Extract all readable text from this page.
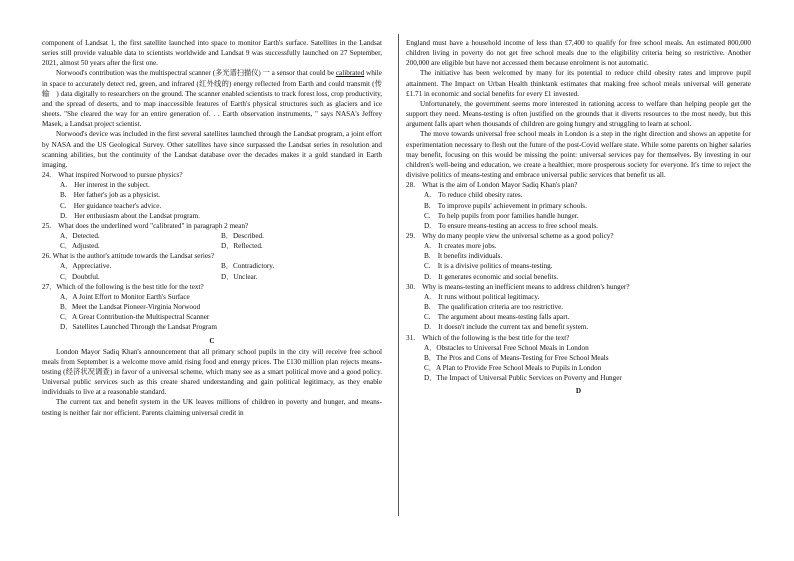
component of Landsat 1, the first satellite launched into space to monitor Earth's surface. Satellites in the Landsat series still provide valuable data to scientists worldwide and Landsat 9 was successfully launched on 27 September, 2021, almost 50 years after the first one.

Norwood's contribution was the multispectral scanner (多光谱扫描仪) 一 a sensor that could be calibrated while in space to accurately detect red, green, and infrared (红外线的) energy reflected from Earth and could transmit (传　输　) data digitally to researchers on the ground. The scanner enabled scientists to track forest loss, crop productivity, and the spread of deserts, and to map inaccessible features of Earth's physical structures such as glaciers and ice sheets. "She cleared the way for an entire generation of. . . Earth observation instruments, " says NASA's Jeffrey Masek, a Landsat project scientist.

Norwood's device was included in the first several satellites launched through the Landsat program, a joint effort by NASA and the US Geological Survey. Other satellites have since surpassed the Landsat series in resolution and scanning abilities, but the continuity of the Landsat database over the decades makes it a gold standard in Earth imaging.

24.　What inspired Norwood to pursue physics?

A.　Her interest in the subject.

B.　Her father's job as a physicist.

C.　Her guidance teacher's advice.

D.　Her enthusiasm about the Landsat program.

25.　What does the underlined word "calibrated" in paragraph 2 mean?

A．Detected.	B．Described.
C．Adjusted.	D．Reflected.

26. What is the author's attitude towards the Landsat series?

A．Appreciative.	B．Contradictory.
C．Doubtful.	D．Unclear.

27．Which of the following is the best title for the text?

A．A Joint Effort to Monitor Earth's Surface

B．Meet the Landsat Pioneer-Virginia Norwood

C．A Great Contribution-the Multispectral Scanner

D．Satellites Launched Through the Landsat Program

C

London Mayor Sadiq Khan's announcement that all primary school pupils in the city will receive free school meals from September is a welcome move amid rising food and energy prices. The £130 million plan rejects means-testing (经济状况调查) in favor of a universal scheme, which many see as a smart political move and a good policy. Universal public services such as this create shared understanding and gain political legitimacy, as they enable individuals to live at a reasonable standard.

The current tax and benefit system in the UK leaves millions of children in poverty and hunger, and means-testing is neither fair nor efficient. Parents claiming universal credit in

England must have a household income of less than £7,400 to qualify for free school meals. An estimated 800,000 children living in poverty do not get free school meals due to the eligibility criteria being so restrictive. Another 200,000 are eligible but have not accessed them because enrolment is not automatic.

The initiative has been welcomed by many for its potential to reduce child obesity rates and improve pupil attainment. The Impact on Urban Health thinktank estimates that making free school meals universal will generate £1.71 in economic and social benefits for every £1 invested.

Unfortunately, the government seems more interested in rationing access to welfare than helping people get the support they need. Means-testing is often justified on the grounds that it diverts resources to the most needy, but this argument falls apart when thousands of children are going hungry and struggling to learn at school.

The move towards universal free school meals in London is a step in the right direction and shows an appetite for experimentation necessary to flesh out the future of the post-Covid welfare state. While some parents on higher salaries may benefit, focusing on this would be missing the point: universal services pay for themselves. By investing in our children's well-being and education, we create a healthier, more prosperous society for everyone. It's time to reject the divisive politics of means-testing and embrace universal public services that benefit us all.

28.　What is the aim of London Mayor Sadiq Khan's plan?

A.　To reduce child obesity rates.

B.　To improve pupils' achievement in primary schools.

C.　To help pupils from poor families handle hunger.

D.　To ensure means-testing an access to free school meals.

29.　Why do many people view the universal scheme as a good policy?

A.　It creates more jobs.

B.　It benefits individuals.

C.　It is a divisive politics of means-testing.

D.　It generates economic and social benefits.

30.　Why is means-testing an inefficient means to address children's hunger?

A.　It runs without political legitimacy.

B.　The qualification criteria are too restrictive.

C.　The argument about means-testing falls apart.

D.　It doesn't include the current tax and benefit system.

31.　Which of the following is the best title for the text?

A．Obstacles to Universal Free School Meals in London

B．The Pros and Cons of Means-Testing for Free School Meals

C．A Plan to Provide Free School Meals to Pupils in London

D．The Impact of Universal Public Services on Poverty and Hunger

D
